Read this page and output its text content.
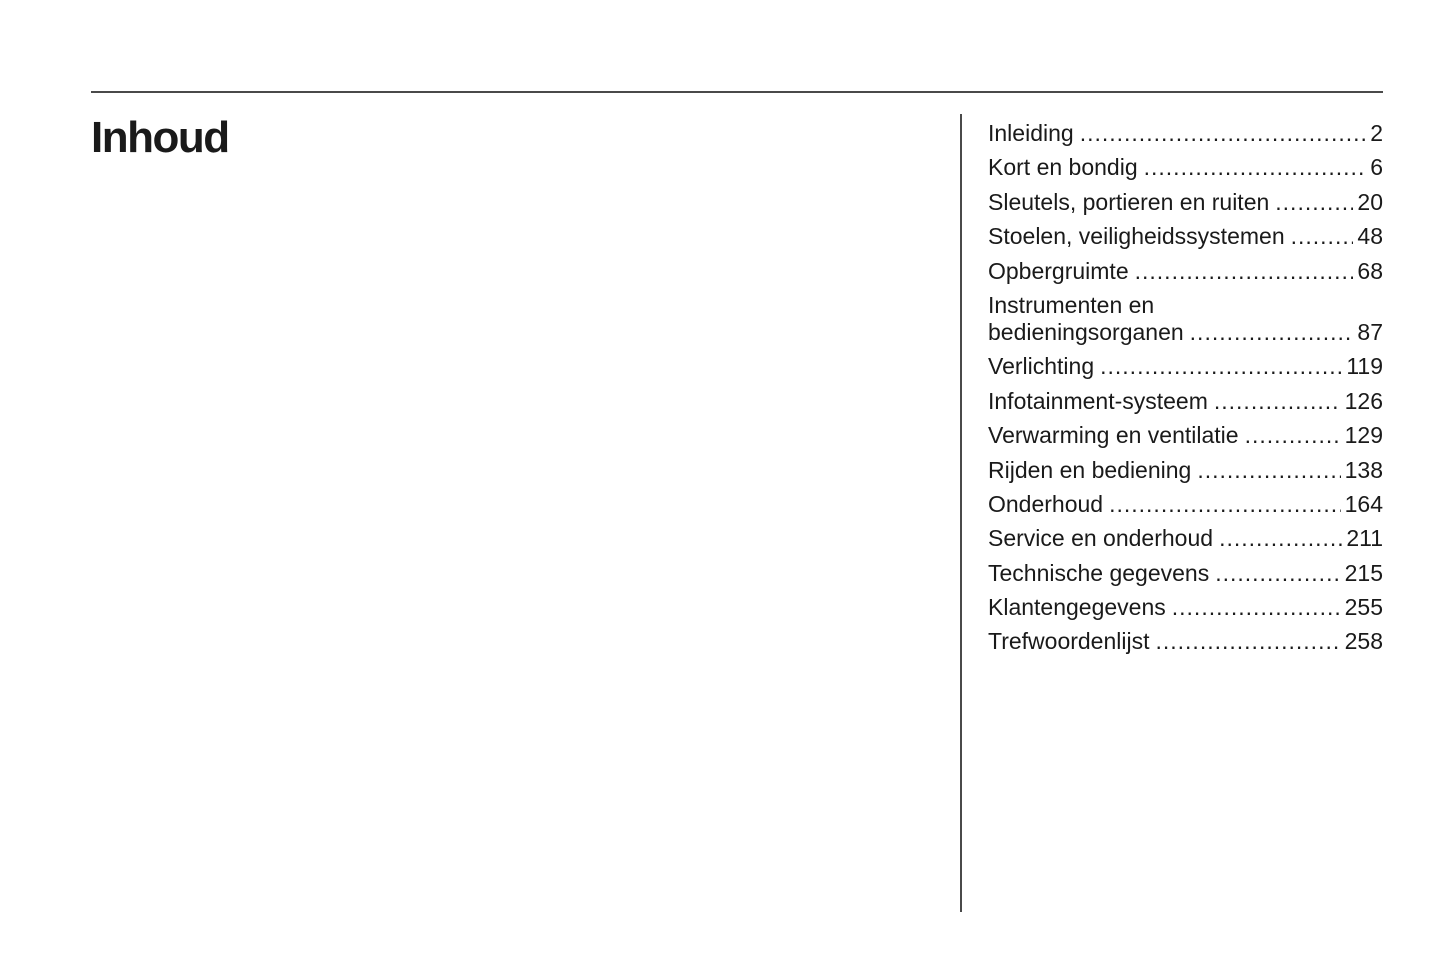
Inhoud	Inleiding .....	2
Kort en bondig .....	6
Sleutels, portieren en ruiten .....	20
Stoelen, veiligheidssystemen .....	48
Opbergruimte .....	68
Instrumenten en
bedieningsorganen .....	87
Verlichting .....	119
Infotainment-systeem .....	126
Verwarming en ventilatie .....	129
Rijden en bediening .....	138
Onderhoud .....	164
Service en onderhoud .....	211
Technische gegevens .....	215
Klantengegevens .....	255
Trefwoordenlijst .....	258
